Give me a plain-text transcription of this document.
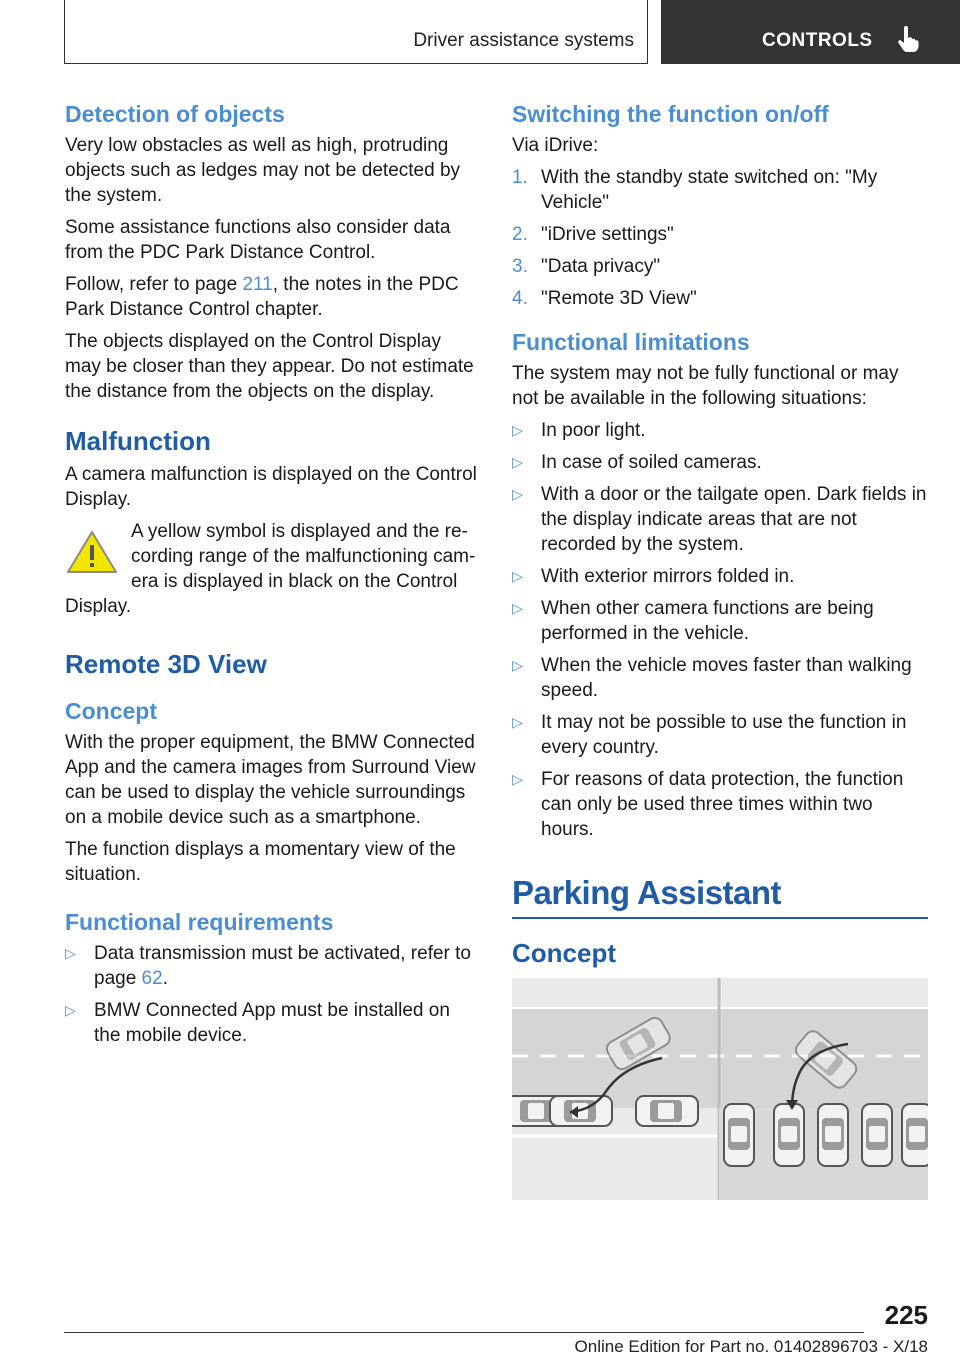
Driver assistance systems	CONTROLS
Detection of objects

Very low obstacles as well as high, protruding objects such as ledges may not be detected by the system.

Some assistance functions also consider data from the PDC Park Distance Control.

Follow, refer to page 211, the notes in the PDC Park Distance Control chapter.

The objects displayed on the Control Display may be closer than they appear. Do not estimate the distance from the objects on the display.

Malfunction

A camera malfunction is displayed on the Control Display.

A yellow symbol is displayed and the re-

cording range of the malfunctioning cam-

era is displayed in black on the Control

Display.

Remote 3D View
Concept

With the proper equipment, the BMW Connected App and the camera images from Surround View can be used to display the vehicle surroundings on a mobile device such as a smartphone.

The function displays a momentary view of the situation.

Functional requirements
▷ Data transmission must be activated, refer to page 62.
▷ BMW Connected App must be installed on the mobile device.
Switching the function on/off

Via iDrive:

1. With the standby state switched on: "My Vehicle"
2. "iDrive settings"
3. "Data privacy"
4. "Remote 3D View"
Functional limitations

The system may not be fully functional or may not be available in the following situations:

▷ In poor light.
▷ In case of soiled cameras.
▷ With a door or the tailgate open. Dark fields in the display indicate areas that are not recorded by the system.
▷ With exterior mirrors folded in.
▷ When other camera functions are being performed in the vehicle.
▷ When the vehicle moves faster than walking speed.
▷ It may not be possible to use the function in every country.
▷ For reasons of data protection, the function can only be used three times within two hours.
Parking Assistant
Concept
225
Online Edition for Part no. 01402896703 - X/18
